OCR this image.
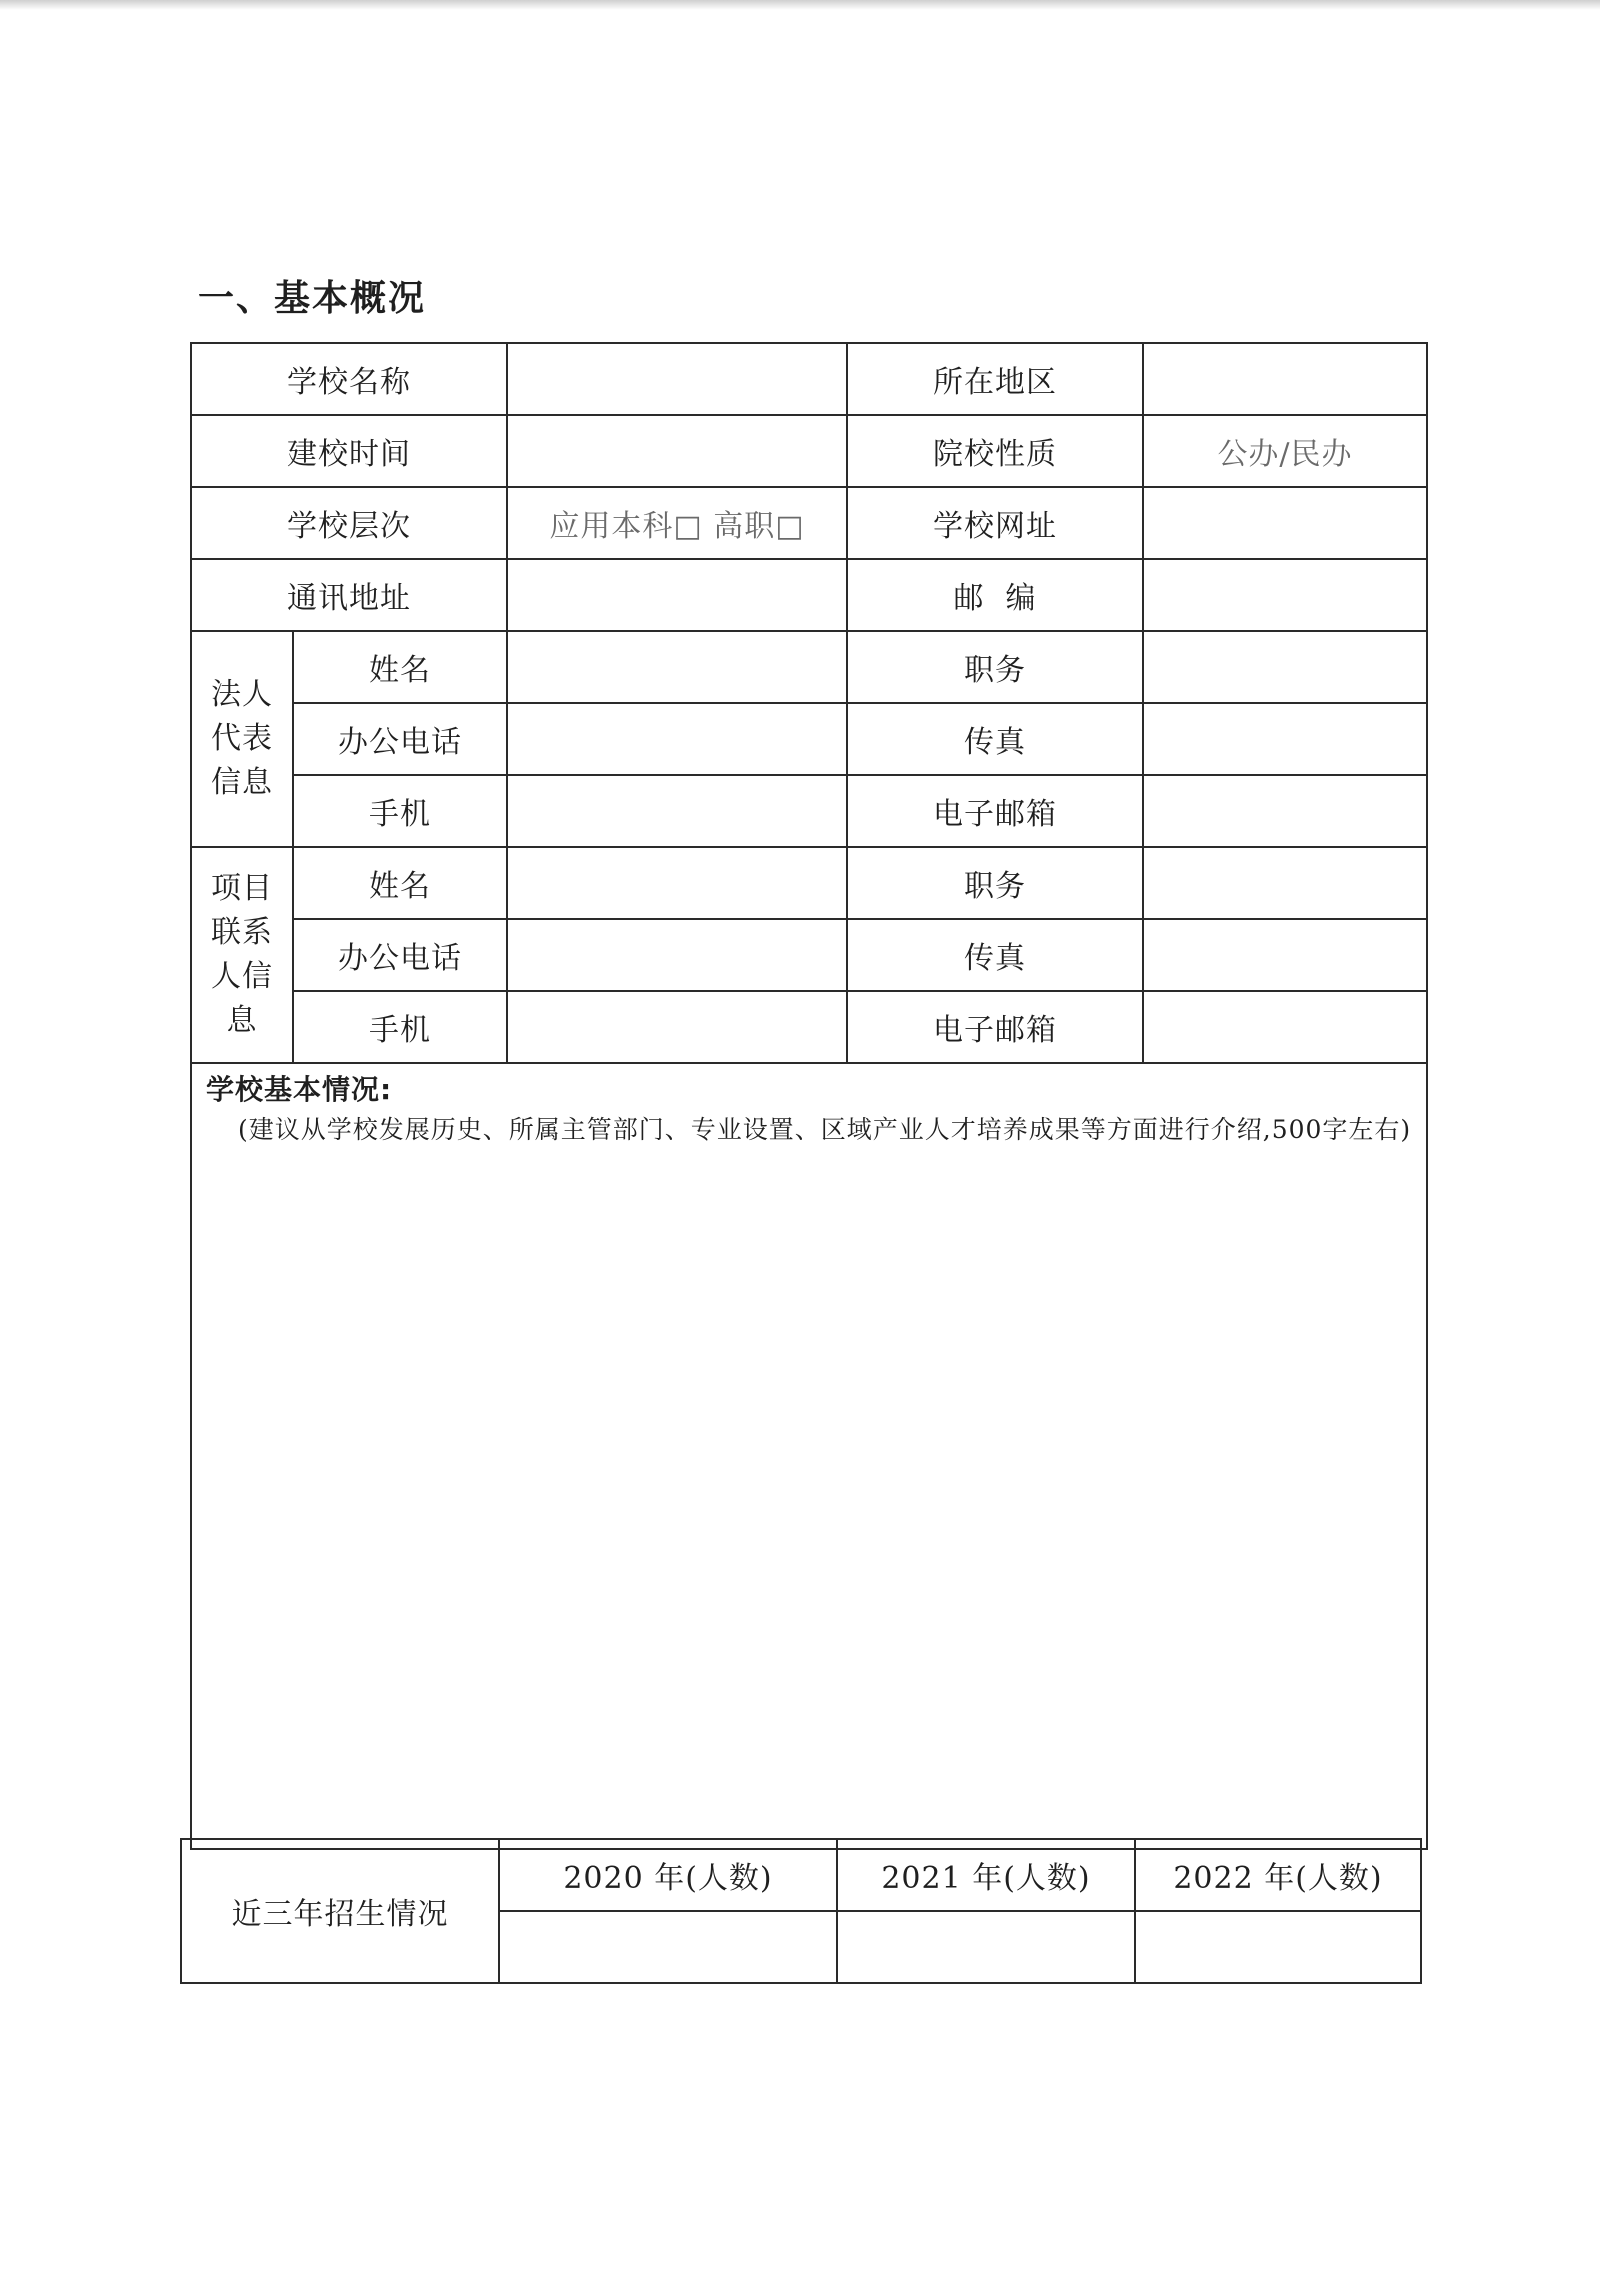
一、基本概况
学校名称			所在地区	
建校时间			院校性质	公办/民办
学校层次		应用本科□ 高职□	学校网址	
通讯地址			邮  编	

法人
代表
信息	姓名		职务	
	办公电话		传真	
	手机		电子邮箱	

项目
联系
人信
息	姓名		职务	
	办公电话		传真	
	手机		电子邮箱	

学校基本情况:
(建议从学校发展历史、所属主管部门、专业设置、区域产业人才培养成果等方面进行介绍,500字左右)				
近三年招生情况	2020 年(人数)	2021 年(人数)	2022 年(人数)
